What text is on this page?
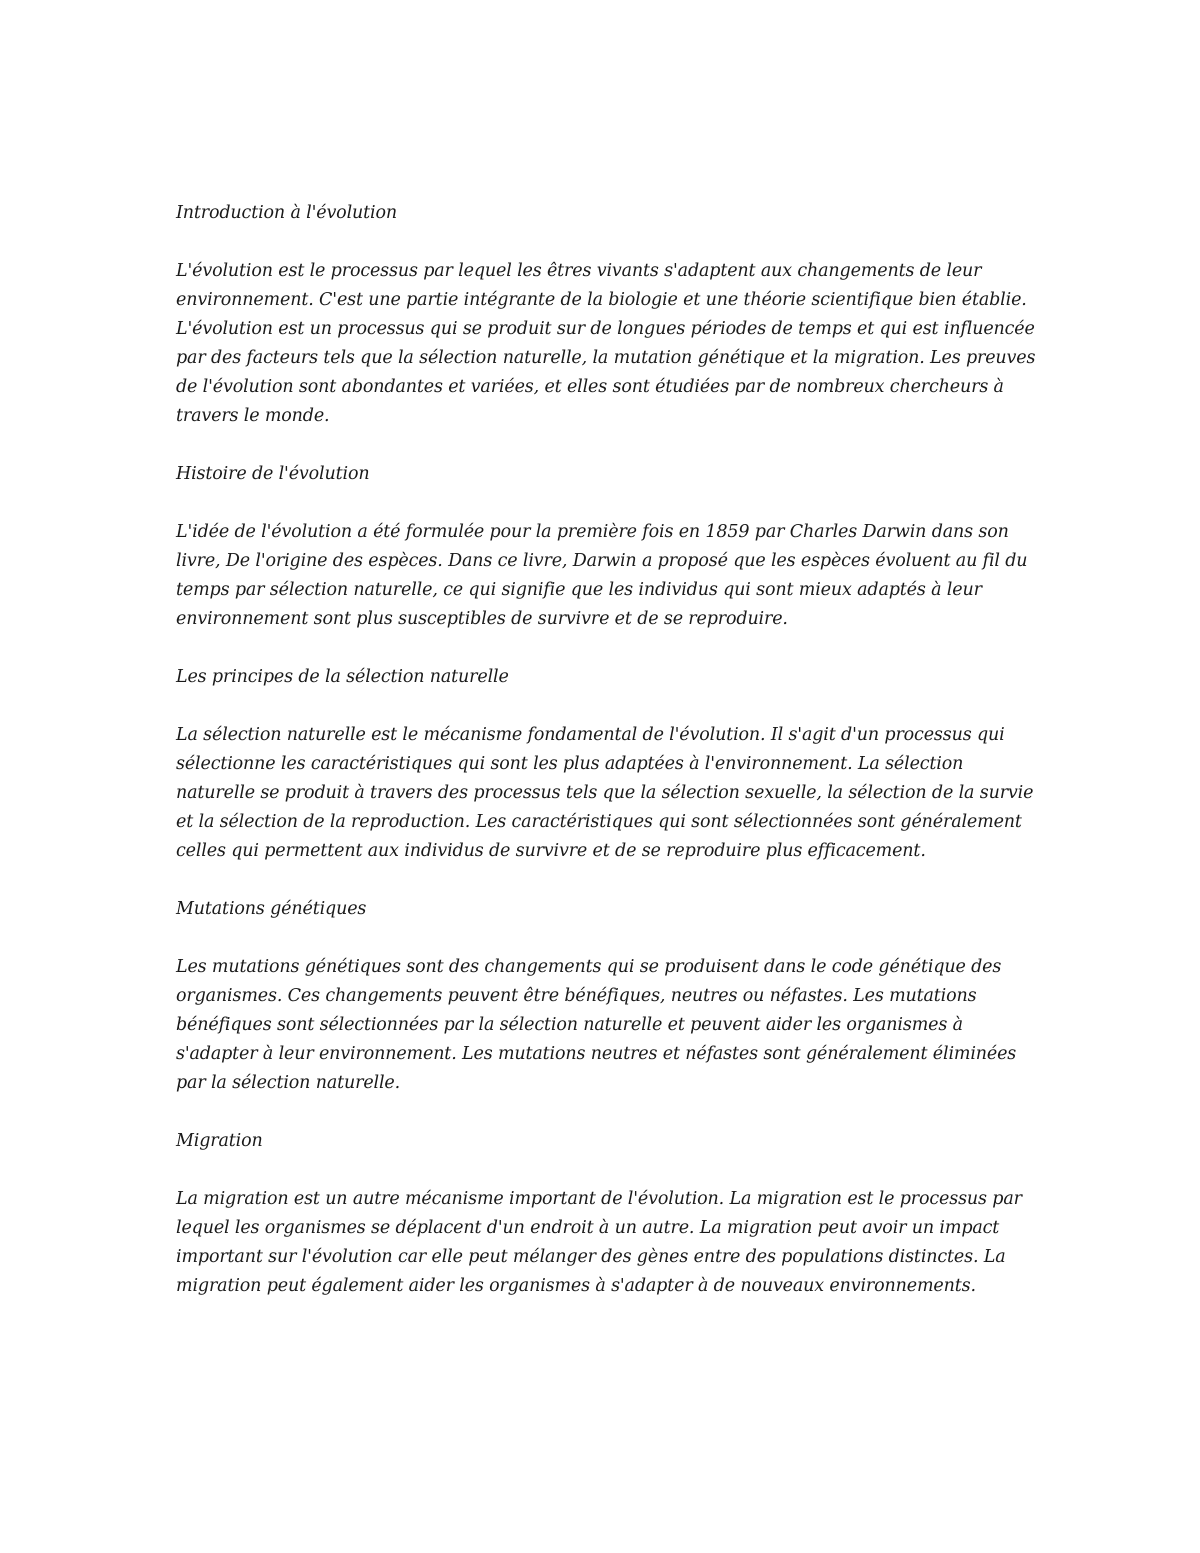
Introduction à l'évolution

L'évolution est le processus par lequel les êtres vivants s'adaptent aux changements de leur environnement. C'est une partie intégrante de la biologie et une théorie scientifique bien établie. L'évolution est un processus qui se produit sur de longues périodes de temps et qui est influencée par des facteurs tels que la sélection naturelle, la mutation génétique et la migration. Les preuves de l'évolution sont abondantes et variées, et elles sont étudiées par de nombreux chercheurs à travers le monde.

Histoire de l'évolution

L'idée de l'évolution a été formulée pour la première fois en 1859 par Charles Darwin dans son livre, De l'origine des espèces. Dans ce livre, Darwin a proposé que les espèces évoluent au fil du temps par sélection naturelle, ce qui signifie que les individus qui sont mieux adaptés à leur environnement sont plus susceptibles de survivre et de se reproduire.

Les principes de la sélection naturelle

La sélection naturelle est le mécanisme fondamental de l'évolution. Il s'agit d'un processus qui sélectionne les caractéristiques qui sont les plus adaptées à l'environnement. La sélection naturelle se produit à travers des processus tels que la sélection sexuelle, la sélection de la survie et la sélection de la reproduction. Les caractéristiques qui sont sélectionnées sont généralement celles qui permettent aux individus de survivre et de se reproduire plus efficacement.

Mutations génétiques

Les mutations génétiques sont des changements qui se produisent dans le code génétique des organismes. Ces changements peuvent être bénéfiques, neutres ou néfastes. Les mutations bénéfiques sont sélectionnées par la sélection naturelle et peuvent aider les organismes à s'adapter à leur environnement. Les mutations neutres et néfastes sont généralement éliminées par la sélection naturelle.

Migration

La migration est un autre mécanisme important de l'évolution. La migration est le processus par lequel les organismes se déplacent d'un endroit à un autre. La migration peut avoir un impact important sur l'évolution car elle peut mélanger des gènes entre des populations distinctes. La migration peut également aider les organismes à s'adapter à de nouveaux environnements.
